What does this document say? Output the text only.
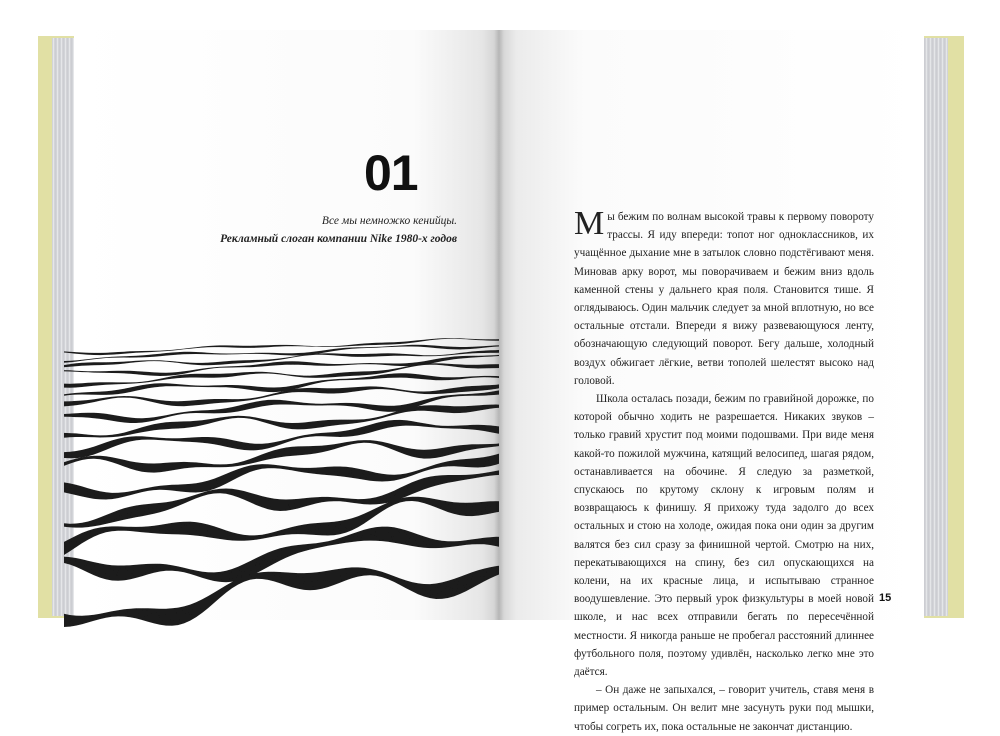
01
Все мы немножко кенийцы.
Рекламный слоган компании Nike 1980-х годов	Мы бежим по волнам высокой травы к первому повороту трассы. Я иду впереди: топот ног одноклассников, их учащённое дыхание мне в затылок словно подстёгивают меня. Миновав арку ворот, мы поворачиваем и бежим вниз вдоль каменной стены у дальнего края поля. Становится тише. Я оглядываюсь. Один мальчик следует за мной вплотную, но все остальные отстали. Впереди я вижу развевающуюся ленту, обозначающую следующий поворот. Бегу дальше, холодный воздух обжигает лёгкие, ветви тополей шелестят высоко над головой.

Школа осталась позади, бежим по гравийной дорожке, по которой обычно ходить не разрешается. Никаких звуков – только гравий хрустит под моими подошвами. При виде меня какой-то пожилой мужчина, катящий велосипед, шагая рядом, останавливается на обочине. Я следую за разметкой, спускаюсь по крутому склону к игровым полям и возвращаюсь к финишу. Я прихожу туда задолго до всех остальных и стою на холоде, ожидая пока они один за другим валятся без сил сразу за финишной чертой. Смотрю на них, перекатывающихся на спину, без сил опускающихся на колени, на их красные лица, и испытываю странное воодушевление. Это первый урок физкультуры в моей новой школе, и нас всех отправили бегать по пересечённой местности. Я никогда раньше не пробегал расстояний длиннее футбольного поля, поэтому удивлён, насколько легко мне это даётся.

– Он даже не запыхался, – говорит учитель, ставя меня в пример остальным. Он велит мне засунуть руки под мышки, чтобы согреть их, пока остальные не закончат дистанцию.

15
